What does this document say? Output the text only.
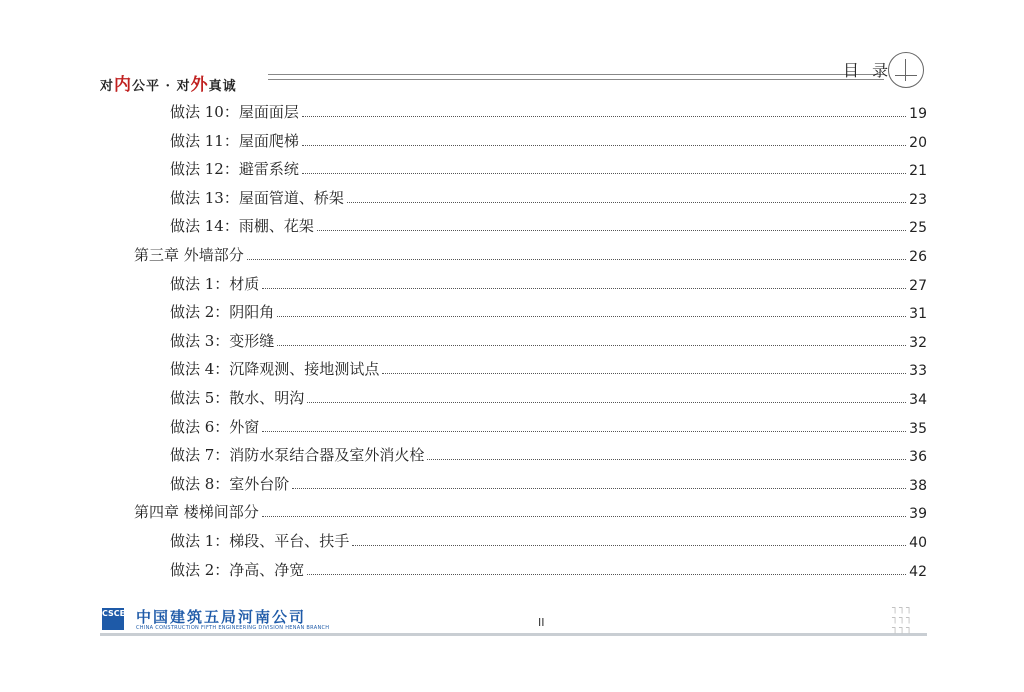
对内公平 · 对外真诚
目 录
做法 10：屋面面层	19
做法 11：屋面爬梯	20
做法 12：避雷系统	21
做法 13：屋面管道、桥架	23
做法 14：雨棚、花架	25
第三章 外墙部分	26
做法 1：材质	27
做法 2：阴阳角	31
做法 3：变形缝	32
做法 4：沉降观测、接地测试点	33
做法 5：散水、明沟	34
做法 6：外窗	35
做法 7：消防水泵结合器及室外消火栓	36
做法 8：室外台阶	38
第四章 楼梯间部分	39
做法 1：梯段、平台、扶手	40
做法 2：净高、净宽	42
CSCEC 中国建筑五局河南公司
CHINA CONSTRUCTION FIFTH ENGINEERING DIVISION HENAN BRANCH	II
┐┐┐
┐┐┐
┐┐┐
